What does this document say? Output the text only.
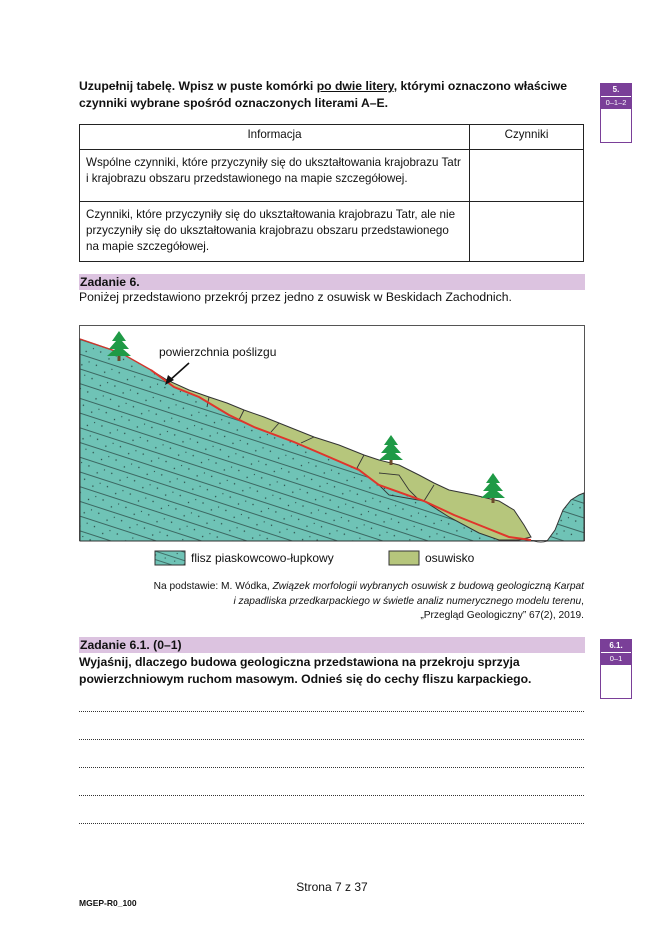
Uzupełnij tabelę. Wpisz w puste komórki po dwie litery, którymi oznaczono właściwe czynniki wybrane spośród oznaczonych literami A–E.
5.
0–1–2
Informacja	Czynniki
Wspólne czynniki, które przyczyniły się do ukształtowania krajobrazu Tatr i krajobrazu obszaru przedstawionego na mapie szczegółowej.	
Czynniki, które przyczyniły się do ukształtowania krajobrazu Tatr, ale nie przyczyniły się do ukształtowania krajobrazu obszaru przedstawionego na mapie szczegółowej.	
Zadanie 6.
Poniżej przedstawiono przekrój przez jedno z osuwisk w Beskidach Zachodnich.
powierzchnia poślizgu
flisz piaskowcowo-łupkowy	osuwisko
Na podstawie: M. Wódka, Związek morfologii wybranych osuwisk z budową geologiczną Karpat
i zapadliska przedkarpackiego w świetle analiz numerycznego modelu terenu,
„Przegląd Geologiczny” 67(2), 2019.
Zadanie 6.1. (0–1)
Wyjaśnij, dlaczego budowa geologiczna przedstawiona na przekroju sprzyja powierzchniowym ruchom masowym. Odnieś się do cechy fliszu karpackiego.
6.1.
0–1
Strona 7 z 37
MGEP-R0_100
